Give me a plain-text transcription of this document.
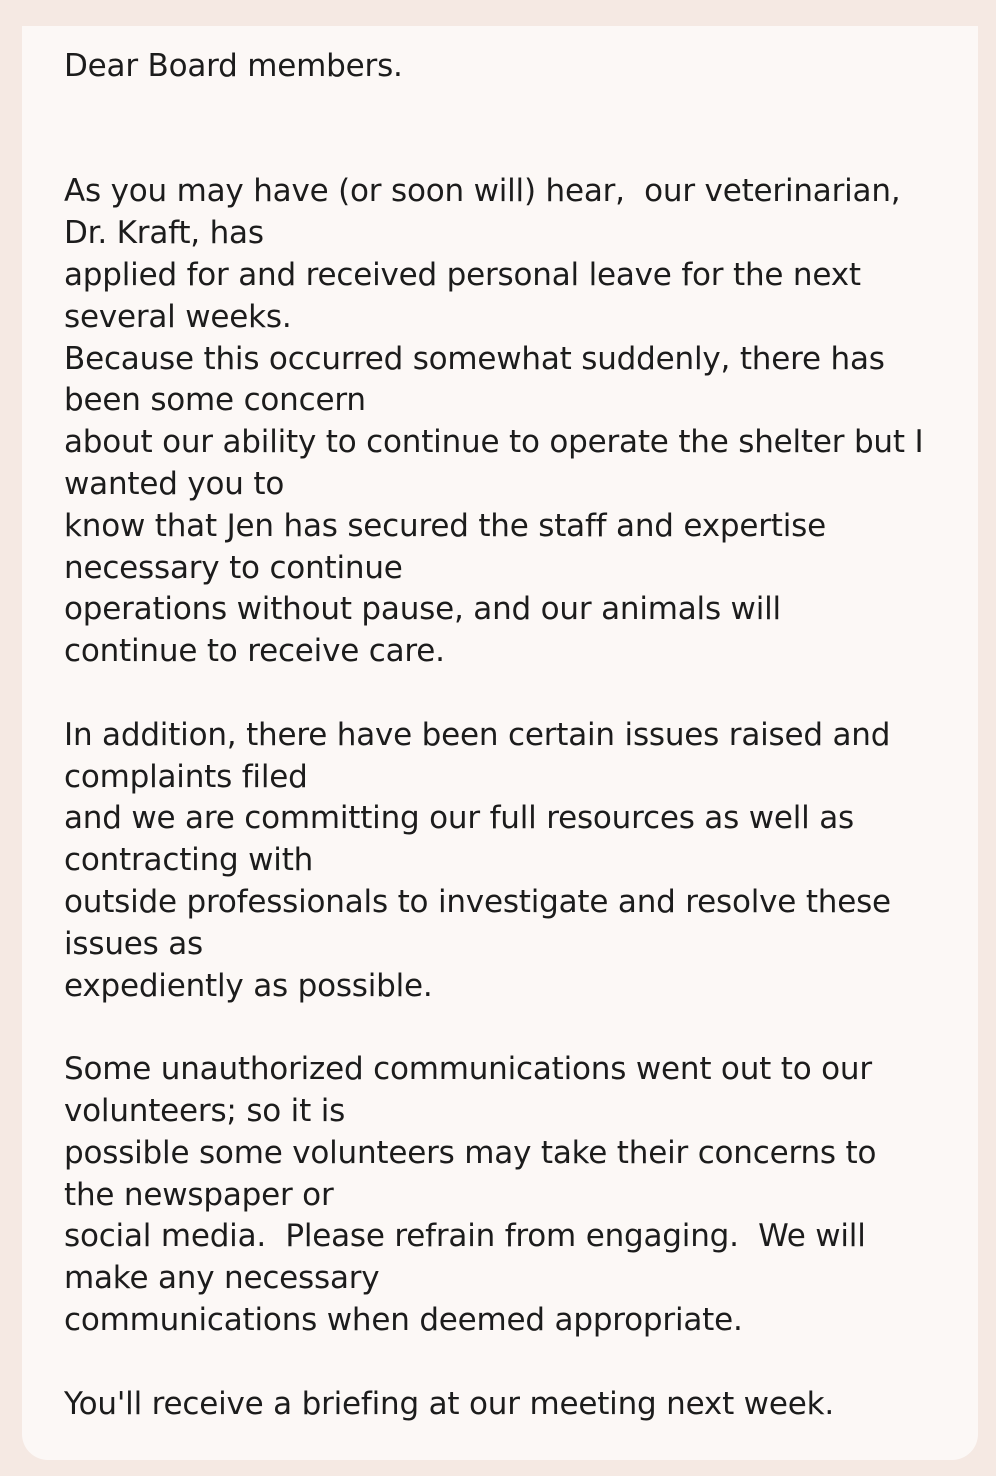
Dear Board members.
As you may have (or soon will) hear,  our veterinarian,
Dr. Kraft, has
applied for and received personal leave for the next
several weeks.
Because this occurred somewhat suddenly, there has
been some concern
about our ability to continue to operate the shelter but I
wanted you to
know that Jen has secured the staff and expertise
necessary to continue
operations without pause, and our animals will
continue to receive care.
In addition, there have been certain issues raised and
complaints filed
and we are committing our full resources as well as
contracting with
outside professionals to investigate and resolve these
issues as
expediently as possible.
Some unauthorized communications went out to our
volunteers; so it is
possible some volunteers may take their concerns to
the newspaper or
social media.  Please refrain from engaging.  We will
make any necessary
communications when deemed appropriate.
You'll receive a briefing at our meeting next week.
